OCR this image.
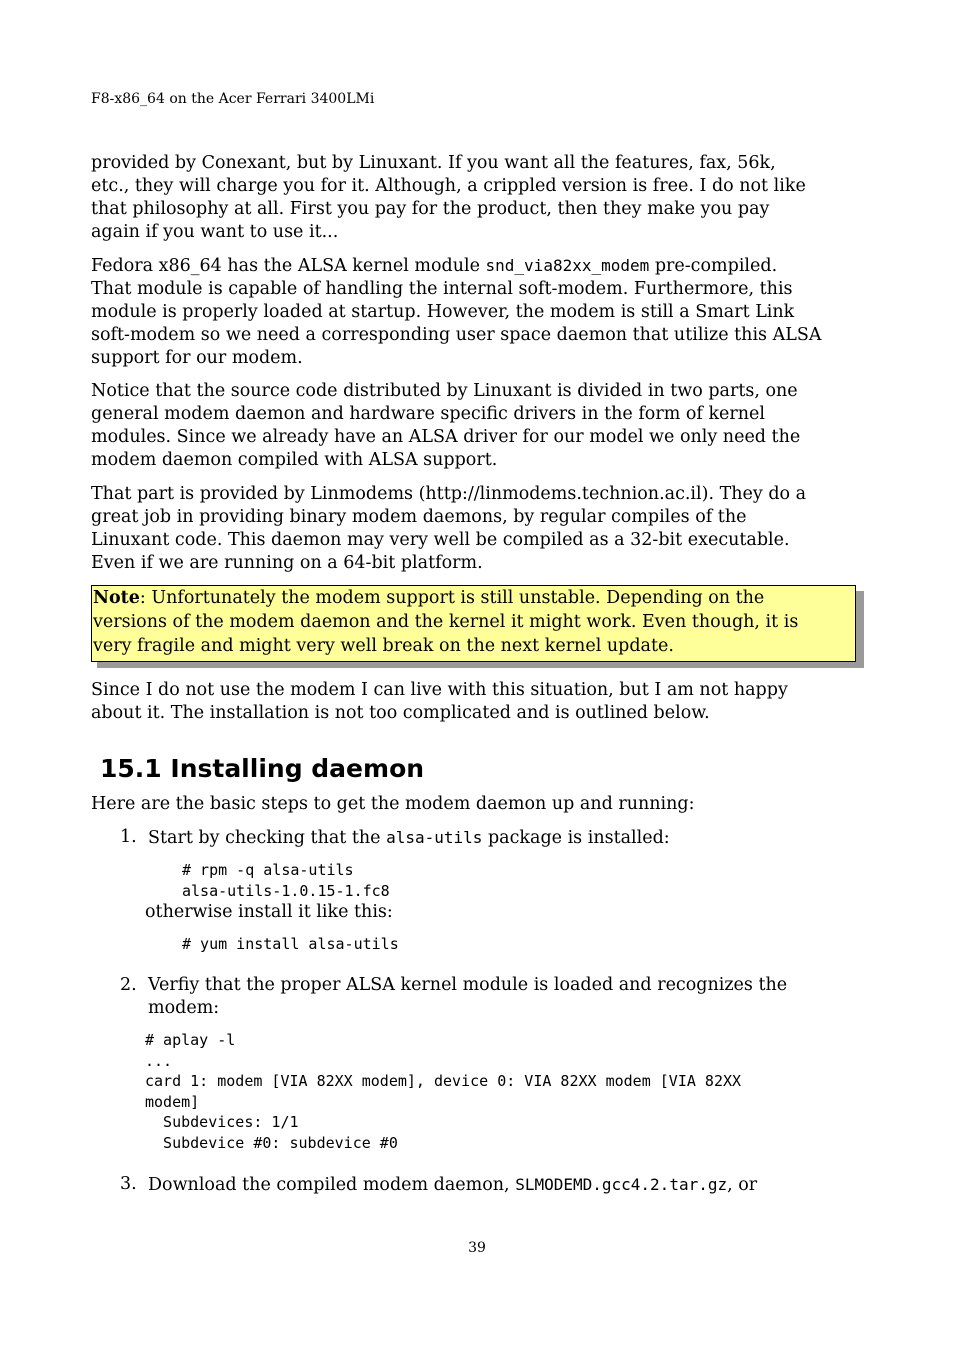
F8-x86_64 on the Acer Ferrari 3400LMi
provided by Conexant, but by Linuxant. If you want all the features, fax, 56k,
etc., they will charge you for it. Although, a crippled version is free. I do not like
that philosophy at all. First you pay for the product, then they make you pay
again if you want to use it...
Fedora x86_64 has the ALSA kernel module snd_via82xx_modem pre-compiled.
That module is capable of handling the internal soft-modem. Furthermore, this
module is properly loaded at startup. However, the modem is still a Smart Link
soft-modem so we need a corresponding user space daemon that utilize this ALSA
support for our modem.
Notice that the source code distributed by Linuxant is divided in two parts, one
general modem daemon and hardware specific drivers in the form of kernel
modules. Since we already have an ALSA driver for our model we only need the
modem daemon compiled with ALSA support.
That part is provided by Linmodems (http://linmodems.technion.ac.il). They do a
great job in providing binary modem daemons, by regular compiles of the
Linuxant code. This daemon may very well be compiled as a 32-bit executable.
Even if we are running on a 64-bit platform.
Note: Unfortunately the modem support is still unstable. Depending on the
versions of the modem daemon and the kernel it might work. Even though, it is
very fragile and might very well break on the next kernel update.
Since I do not use the modem I can live with this situation, but I am not happy
about it. The installation is not too complicated and is outlined below.
15.1 Installing daemon
Here are the basic steps to get the modem daemon up and running:
1. Start by checking that the alsa-utils package is installed:
# rpm -q alsa-utils
alsa-utils-1.0.15-1.fc8
otherwise install it like this:
# yum install alsa-utils
2. Verfiy that the proper ALSA kernel module is loaded and recognizes the
modem:
# aplay -l
...
card 1: modem [VIA 82XX modem], device 0: VIA 82XX modem [VIA 82XX
modem]
Subdevices: 1/1
Subdevice #0: subdevice #0
3. Download the compiled modem daemon, SLMODEMD.gcc4.2.tar.gz, or
39
